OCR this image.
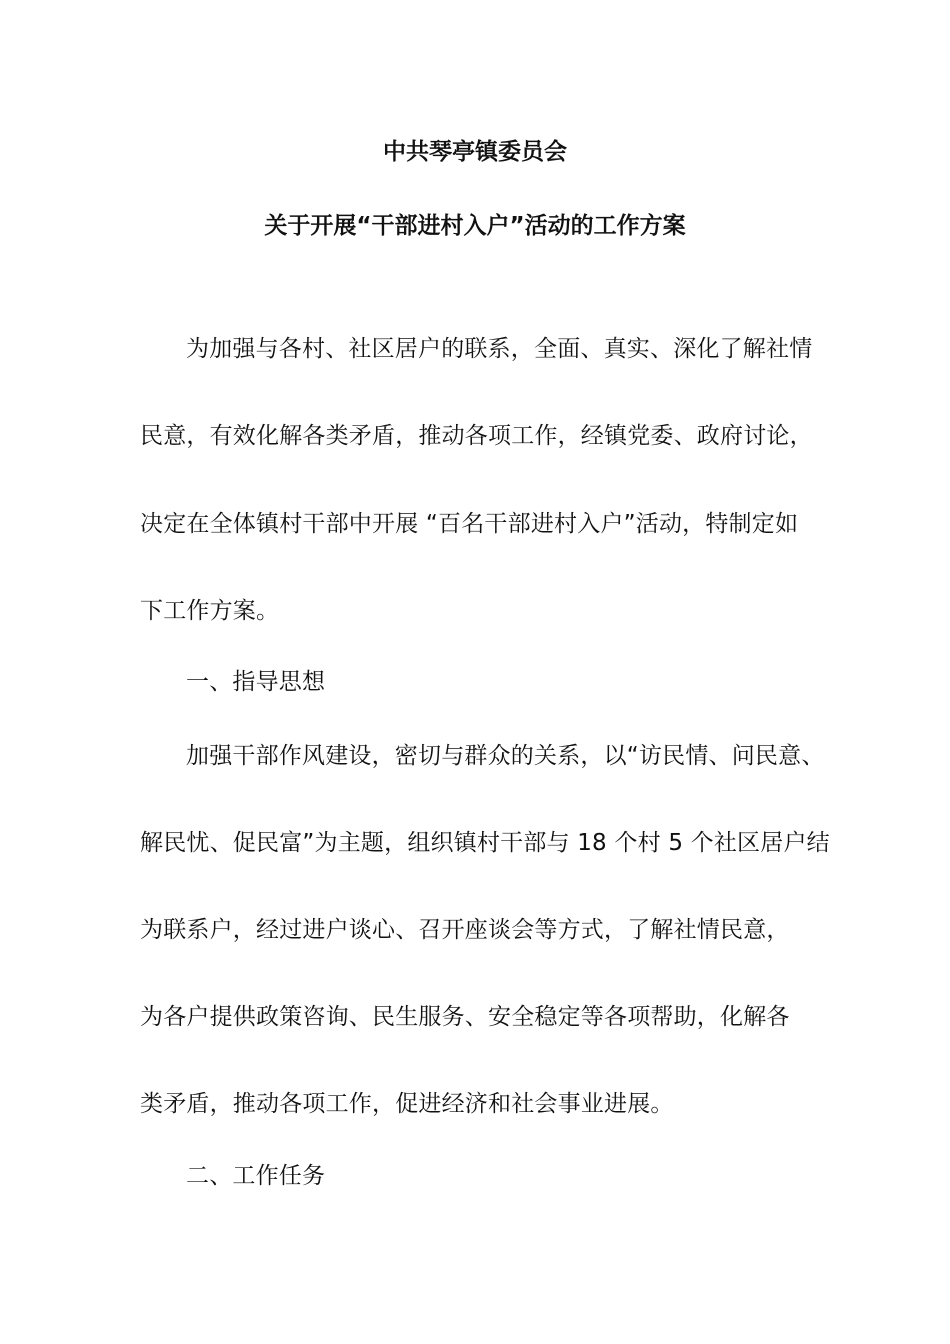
中共琴亭镇委员会
关于开展“干部进村入户”活动的工作方案
为加强与各村、社区居户的联系，全面、真实、深化了解社情
民意，有效化解各类矛盾，推动各项工作，经镇党委、政府讨论，
决定在全体镇村干部中开展 “百名干部进村入户”活动，特制定如
下工作方案。
一、指导思想
加强干部作风建设，密切与群众的关系，以“访民情、问民意、
解民忧、促民富”为主题，组织镇村干部与 18 个村 5 个社区居户结
为联系户，经过进户谈心、召开座谈会等方式，了解社情民意，
为各户提供政策咨询、民生服务、安全稳定等各项帮助，化解各
类矛盾，推动各项工作，促进经济和社会事业进展。
二、工作任务
